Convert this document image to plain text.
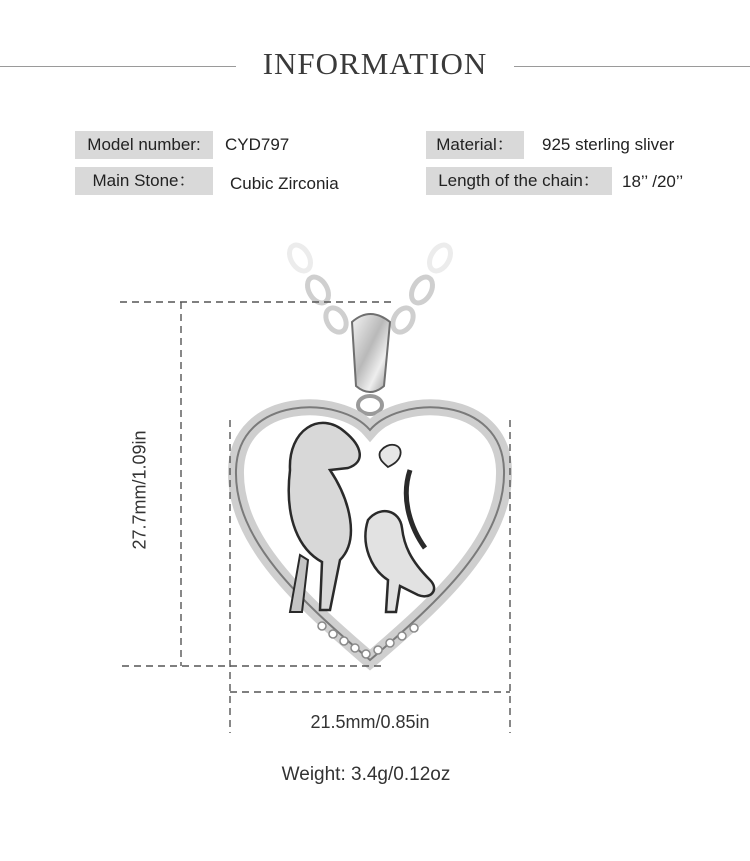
INFORMATION
Model number:	CYD797	Material：	925 sterling sliver
Main Stone：	Cubic Zirconia	Length of the chain：	18’’ /20’’
27.7mm/1.09in
21.5mm/0.85in
Weight: 3.4g/0.12oz
